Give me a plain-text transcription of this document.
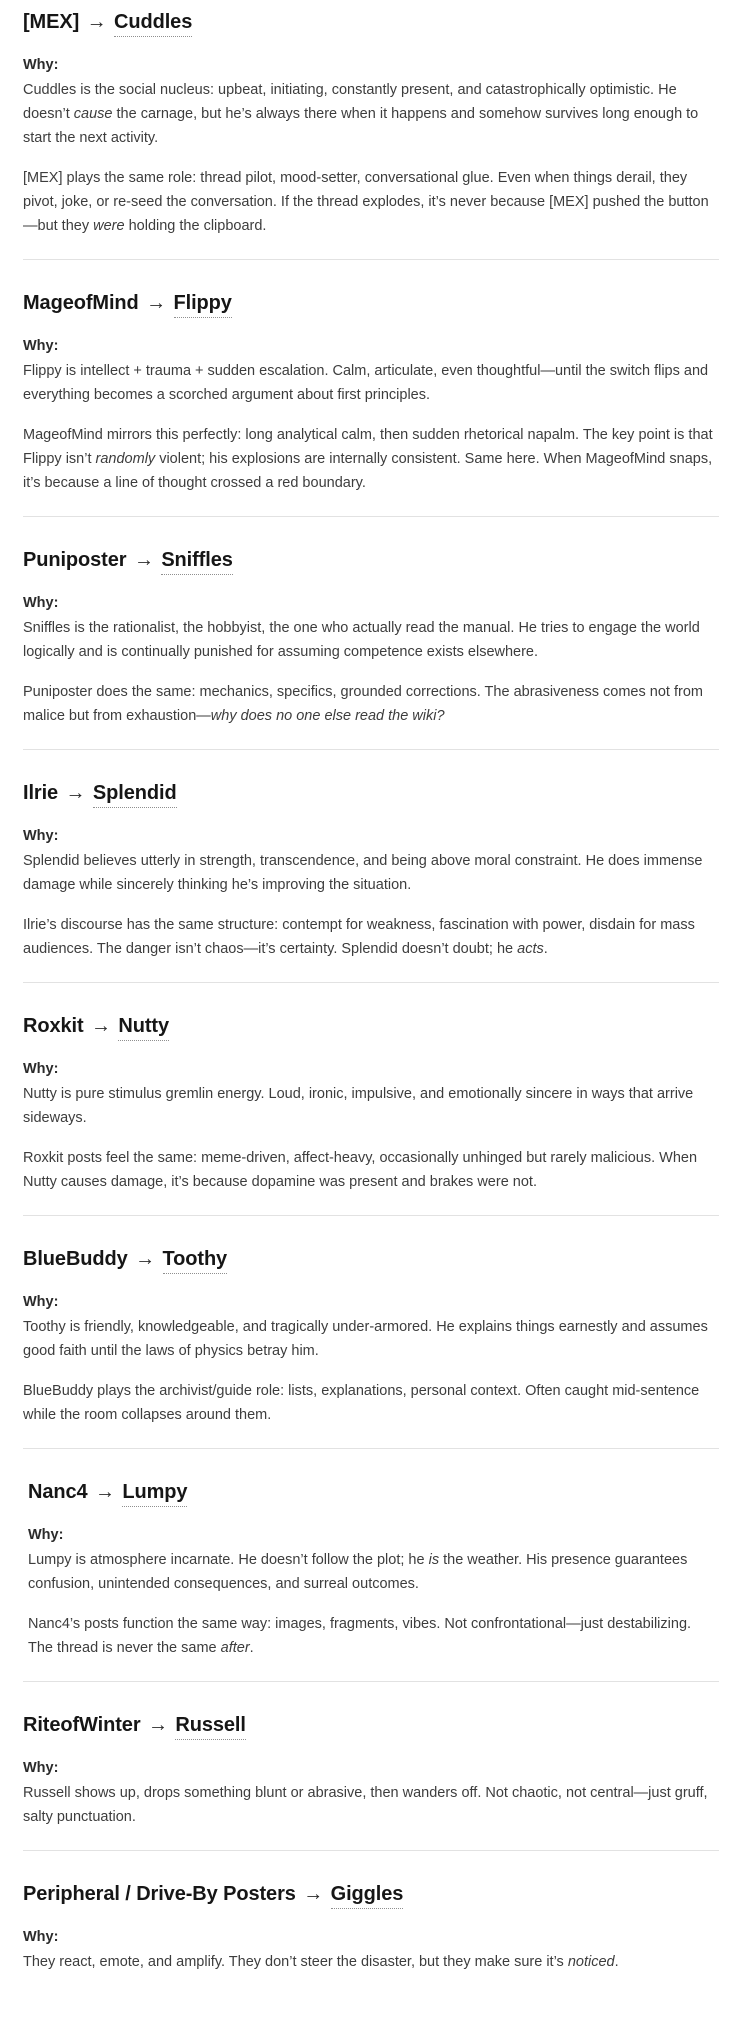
[MEX] → Cuddles

Why:

Cuddles is the social nucleus: upbeat, initiating, constantly present, and catastrophically optimistic. He doesn’t cause the carnage, but he’s always there when it happens and somehow survives long enough to start the next activity.

[MEX] plays the same role: thread pilot, mood-setter, conversational glue. Even when things derail, they pivot, joke, or re-seed the conversation. If the thread explodes, it’s never because [MEX] pushed the button—but they were holding the clipboard.

MageofMind → Flippy

Why:

Flippy is intellect + trauma + sudden escalation. Calm, articulate, even thoughtful—until the switch flips and everything becomes a scorched argument about first principles.

MageofMind mirrors this perfectly: long analytical calm, then sudden rhetorical napalm. The key point is that Flippy isn’t randomly violent; his explosions are internally consistent. Same here. When MageofMind snaps, it’s because a line of thought crossed a red boundary.

Puniposter → Sniffles

Why:

Sniffles is the rationalist, the hobbyist, the one who actually read the manual. He tries to engage the world logically and is continually punished for assuming competence exists elsewhere.

Puniposter does the same: mechanics, specifics, grounded corrections. The abrasiveness comes not from malice but from exhaustion—why does no one else read the wiki?

Ilrie → Splendid

Why:

Splendid believes utterly in strength, transcendence, and being above moral constraint. He does immense damage while sincerely thinking he’s improving the situation.

Ilrie’s discourse has the same structure: contempt for weakness, fascination with power, disdain for mass audiences. The danger isn’t chaos—it’s certainty. Splendid doesn’t doubt; he acts.

Roxkit → Nutty

Why:

Nutty is pure stimulus gremlin energy. Loud, ironic, impulsive, and emotionally sincere in ways that arrive sideways.

Roxkit posts feel the same: meme-driven, affect-heavy, occasionally unhinged but rarely malicious. When Nutty causes damage, it’s because dopamine was present and brakes were not.

BlueBuddy → Toothy

Why:

Toothy is friendly, knowledgeable, and tragically under-armored. He explains things earnestly and assumes good faith until the laws of physics betray him.

BlueBuddy plays the archivist/guide role: lists, explanations, personal context. Often caught mid-sentence while the room collapses around them.

Nanc4 → Lumpy

Why:

Lumpy is atmosphere incarnate. He doesn’t follow the plot; he is the weather. His presence guarantees confusion, unintended consequences, and surreal outcomes.

Nanc4’s posts function the same way: images, fragments, vibes. Not confrontational—just destabilizing. The thread is never the same after.

RiteofWinter → Russell

Why:

Russell shows up, drops something blunt or abrasive, then wanders off. Not chaotic, not central—just gruff, salty punctuation.

Peripheral / Drive-By Posters → Giggles

Why:

They react, emote, and amplify. They don’t steer the disaster, but they make sure it’s noticed.
